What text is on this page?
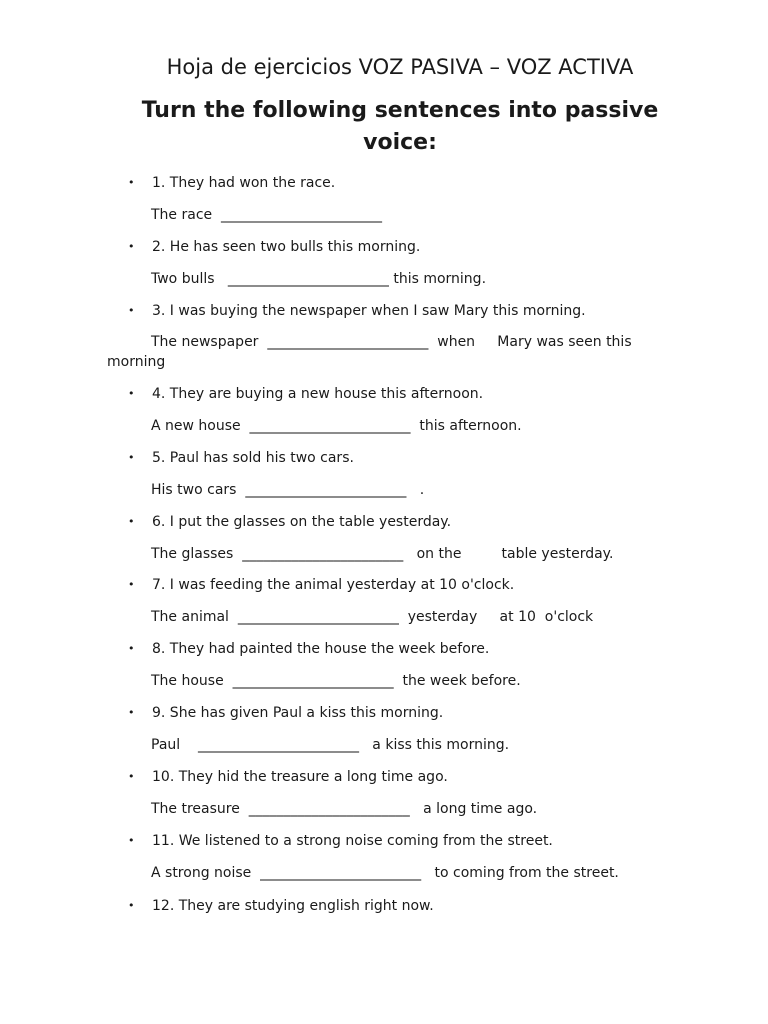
Hoja de ejercicios VOZ PASIVA – VOZ ACTIVA
Turn the following sentences into passive voice:
• 1. They had won the race.
The race  _______________________
• 2. He has seen two bulls this morning.
Two bulls   _______________________ this morning.
• 3. I was buying the newspaper when I saw Mary this morning.
The newspaper  _______________________  when     Mary was seen this
morning
• 4. They are buying a new house this afternoon.
A new house  _______________________  this afternoon.
• 5. Paul has sold his two cars.
His two cars  _______________________   .
• 6. I put the glasses on the table yesterday.
The glasses  _______________________   on the         table yesterday.
• 7. I was feeding the animal yesterday at 10 o'clock.
The animal  _______________________  yesterday     at 10  o'clock
• 8. They had painted the house the week before.
The house  _______________________  the week before.
• 9. She has given Paul a kiss this morning.
Paul    _______________________   a kiss this morning.
• 10. They hid the treasure a long time ago.
The treasure  _______________________   a long time ago.
• 11. We listened to a strong noise coming from the street.
A strong noise  _______________________   to coming from the street.
• 12. They are studying english right now.
